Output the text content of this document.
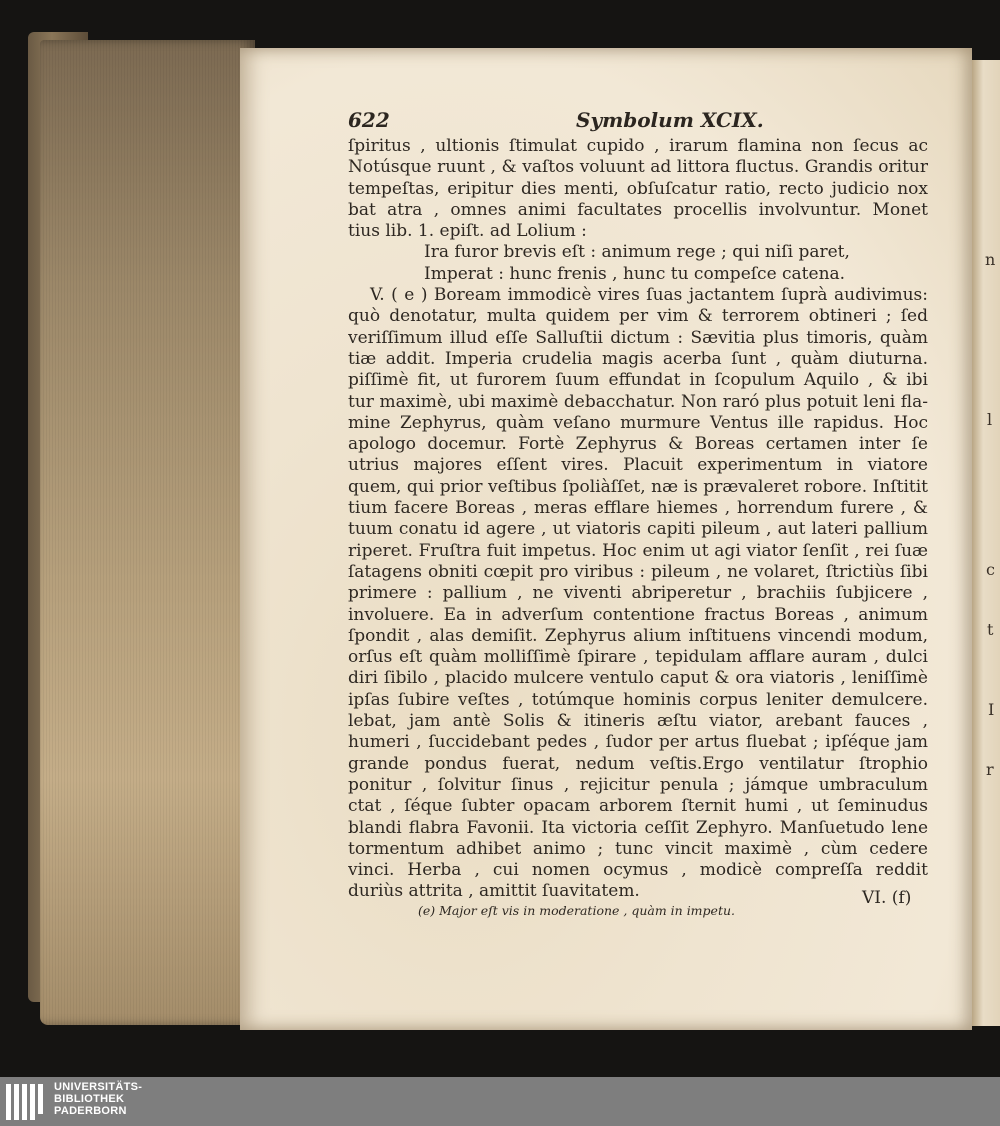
n
l
c
t
I
r
622	Symbolum XCIX.
ſpiritus , ultionis ſtimulat cupido , irarum flamina non ſecus ac
Notúsque ruunt , & vaſtos voluunt ad littora fluctus. Grandis oritur
tempeſtas, eripitur dies menti, obſuſcatur ratio, recto judicio nox
bat atra , omnes animi facultates procellis involvuntur. Monet
tius lib. 1. epiſt. ad Lolium :
Ira furor brevis eſt : animum rege ; qui niſi paret,
Imperat : hunc frenis , hunc tu compeſce catena.
V. ( e ) Boream immodicè vires ſuas jactantem ſuprà audivimus:
quò denotatur, multa quidem per vim & terrorem obtineri ; ſed
veriſſimum illud eſſe Salluſtii dictum : Sævitia plus timoris, quàm
tiæ addit. Imperia crudelia magis acerba ſunt , quàm diuturna.
piſſimè fit, ut furorem ſuum effundat in ſcopulum Aquilo , & ibi
tur maximè, ubi maximè debacchatur. Non raró plus potuit leni fla-
mine Zephyrus, quàm veſano murmure Ventus ille rapidus. Hoc
apologo docemur. Fortè Zephyrus & Boreas certamen inter ſe
utrius majores eſſent vires. Placuit experimentum in viatore
quem, qui prior veſtibus ſpoliàſſet, næ is prævaleret robore. Inſtitit
tium facere Boreas , meras efflare hiemes , horrendum furere , &
tuum conatu id agere , ut viatoris capiti pileum , aut lateri pallium
riperet. Fruſtra fuit impetus. Hoc enim ut agi viator ſenſit , rei ſuæ
ſatagens obniti cœpit pro viribus : pileum , ne volaret, ſtrictiùs ſibi
primere : pallium , ne viventi abriperetur , brachiis ſubjicere ,
involuere. Ea in adverſum contentione fractus Boreas , animum
ſpondit , alas demiſit. Zephyrus alium inſtituens vincendi modum,
orſus eſt quàm molliſſimè ſpirare , tepidulam afflare auram , dulci
diri ſibilo , placido mulcere ventulo caput & ora viatoris , leniſſimè
ipſas ſubire veſtes , totúmque hominis corpus leniter demulcere.
lebat, jam antè Solis & itineris æſtu viator, arebant fauces ,
humeri , ſuccidebant pedes , ſudor per artus fluebat ; ipſéque jam
grande pondus fuerat, nedum veſtis.Ergo ventilatur ſtrophio
ponitur , ſolvitur ſinus , rejicitur penula ; jámque umbraculum
ctat , ſéque ſubter opacam arborem ſternit humi , ut ſeminudus
blandi flabra Favonii. Ita victoria ceſſit Zephyro. Manſuetudo lene
tormentum adhibet animo ; tunc vincit maximè , cùm cedere
vinci. Herba , cui nomen ocymus , modicè compreſſa reddit
duriùs attrita , amittit ſuavitatem.	VI. (f)
(e) Major eſt vis in moderatione , quàm in impetu.
UNIVERSITÄTS-
BIBLIOTHEK
PADERBORN
